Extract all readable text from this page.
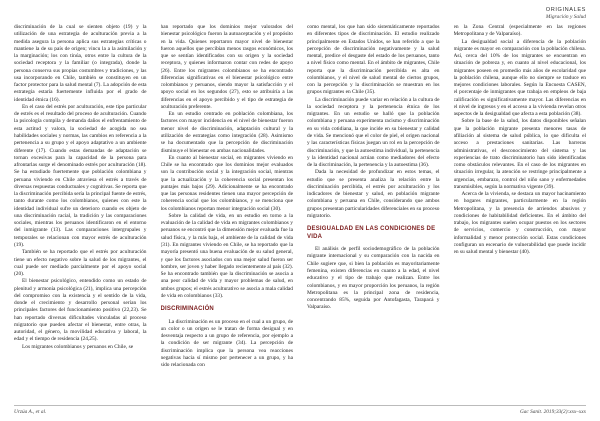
ORIGINALES
Migración y Salud

discriminación de la cual se sienten objeto (19) y la utilización de una estrategia de aculturación previa a la medida asegura la persona aplica sus estrategias críticas o mantiene la de su país de origen; vincu la a la asimilación y la marginación; los con tinúa, otros entre la cultura de la sociedad receptora y la familiar (o integrada), donde la persona conserva sus propias costumbres y tradiciones, y las usa incorporando en Chile, también se constituyen en un factor protector para la salud mental (7). La adopción de esta estrategia estaría fuertemente influida por el grado de identidad étnica (16).

En el caso del estrés por aculturación, este tipo particular de estrés es el resultado del proceso de aculturación. Cuando la psicología compila y demanda daños el enfrentamiento de esta actitud y valora, la sociedad de acogida no sea habilidades sociales y normas, las cambios en referencia a la pertenencia a su grupo y el apoyo adaptativo a un ambiente diferente (17). Cuando estas demandas de adaptación se tornan excesivas para la capacidad de la persona para afrontarlas surge el denominado estrés por aculturación (18). Se ha estudiado fuertemente que población colombiana y peruana viviendo en Chile atraviesa el estrés a través de diversas respuestas conductuales y cognitivas. Se reporta que la discriminación percibida sería la principal fuente de estrés, tanto durante como los colombianos, quienes con este la identidad individual sufre un deterioro cuando es objeto de una discriminación racial, la tradición y las comparaciones sociales, mientras los peruanos identificaron en el entorno del inmigrante (13). Las comparaciones intergrupales y temporales se relacionan con mayor estrés de aculturación (19).

También se ha reportado que el estrés por aculturación tiene un efecto negativo sobre la salud de los migrantes, el cual puede ser mediado parcialmente por el apoyo social (20).

El bienestar psicológico, entendido como un estado de plenitud y armonía psicológica (21), implica una percepción del compromiso con la existencia y el sentido de la vida, donde el crecimiento y desarrollo personal serían los principales factores del funcionamiento positivo (22,23). Se han reportado diversas dificultades vinculadas al proceso migratorio que pueden afectar el bienestar, entre otras, la autoridad, el género, la movilidad educativa y laboral, la edad y el tiempo de residencia (24,25).

Los migrantes colombianos y peruanos en Chile, se

han reportado que los dominios mejor valorados del bienestar psicológico fueron la autoaceptación y el propósito en la vida. Quienes reportaron mayor nivel de bienestar fueron aquellos que percibían menos rasgos económicos, los que se sentían identificados con su origen y la sociedad receptora, y quienes informaron contar con redes de apoyo (26). Entre los migrantes colombianos se ha encontrado diferencias significativas en el bienestar psicológico entre colombianos y peruanos, siendo mayor la satisfacción y el apoyo social en los segundos (27), esto se atribuiría a las diferencias en el apoyo percibido y el tipo de estrategia de aculturación preferente.

En un estudio centrado en población colombiana, los factores con mayor incidencia en el nivel de bienestar fueron menor nivel de discriminación, adaptación cultural y la utilización de estrategias como integración (28). Asimismo se ha documentado que la percepción de discriminación disminuye el bienestar en ambas nacionalidades.

En cuanto al bienestar social, en migrantes viviendo en Chile se ha encontrado que los dominios mejor evaluados son la contribución social y la integración social, mientras que la actualización y la coherencia social presentan los puntajes más bajos (29). Adicionalmente se ha encontrado que las personas residentes tienen una mayor percepción de coherencia social que los colombianos, y se menciona que los colombianos reportan menor integración social (30).

Sobre la calidad de vida, en un estudio en torno a la evaluación de la calidad de vida en migrantes colombianos y peruanos se encontró que la dimensión mejor evaluada fue la salud física, y la más baja, el ambiente de la calidad de vida (31). En migrantes viviendo en Chile, se ha reportado que la mayoría presentó una buena evaluación de su salud general, y que los factores asociados con una mejor salud fueron ser hombre, ser joven y haber llegado recientemente al país (32). Se ha encontrado también que la discriminación se asocia a una peor calidad de vida y mayor problemas de salud, en ambos grupos; el estrés aculturativo se asocia a mala calidad de vida en colombianos (33).

DISCRIMINACIÓN

La discriminación es un proceso en el cual a un grupo, de un color o un origen se le tratan de forma desigual y en desventaja respecto a un grupo de referencia, por ejemplo a la condición de ser migrante (34). La percepción de discriminación implica que la persona vea reacciones negativas hacia sí mismo por pertenecer a un grupo, y ha sido relacionada con

como mental, los que han sido sistemáticamente reportados en diferentes tipos de discriminación. El estudio realizado principalmente en Estados Unidos, se han referido a que la percepción de discriminación negativamente y la salud mental, predice el desgaste del estado de los peruanos, tanto a nivel físico como mental. En el ámbito de migrantes, Chile reporta que la discriminación percibida es alta en colombianos, y el nivel de salud mental de ciertos grupos, con la percepción y la discriminación se muestran en los grupos migrantes en Chile (35).

La discriminación puede variar en relación a la cultura de la sociedad receptora y la pertenencia étnica de los migrantes. En un estudio se halló que la población colombiana y peruana experimenta racismo y discriminación en su vida cotidiana, la que incide en su bienestar y calidad de vida. Se mencionó que el color de piel, el origen nacional y las características físicas juegan un rol en la percepción de discriminación, y que la autoestima individual, la pertenencia y la identidad nacional actúan como mediadores del efecto de la discriminación, la pertenencia y la autoestima (36).

Dada la necesidad de profundizar en estos temas, el estudio que se presenta analiza la relación entre la discriminación percibida, el estrés por aculturación y los indicadores de bienestar y salud, en población migrante colombiana y peruana en Chile, considerando que ambos grupos presentan particularidades diferenciales en su proceso migratorio.

DESIGUALDAD EN LAS CONDICIONES DE VIDA

El análisis de perfil sociodemográfico de la población migrante internacional y su comparación con la nacida en Chile sugiere que, si bien la población es mayoritariamente femenina, existen diferencias en cuanto a la edad, el nivel educativo y el tipo de trabajo que realizan. Entre los colombianos, y en mayor proporción los peruanos, la región Metropolitana es la principal zona de residencia, concentrando 85%, seguida por Antofagasta, Tarapacá y Valparaíso.

en la Zona Central (especialmente en las regiones Metropolitana y de Valparaíso).

La desigualdad social a diferencia de la población migrante es mayor en comparación con la población chilena. Así, cerca del 10% de los migrantes se encuentran en situación de pobreza y, en cuanto al nivel educacional, los migrantes poseen en promedio más años de escolaridad que la población chilena, aunque ello no siempre se traduce en mejores condiciones laborales. Según la Encuesta CASEN, el porcentaje de inmigrantes que trabaja en empleos de baja calificación es significativamente mayor. Las diferencias en el nivel de ingresos y en el acceso a la vivienda revelan otros aspectos de la desigualdad que afecta a esta población (38).

Sobre la base de la salud, los datos disponibles señalan que la población migrante presenta menores tasas de afiliación al sistema de salud pública, lo que dificulta el acceso a prestaciones sanitarias. Las barreras administrativas, el desconocimiento del sistema y las experiencias de trato discriminatorio han sido identificadas como obstáculos relevantes. En el caso de los migrantes en situación irregular, la atención se restringe principalmente a urgencias, embarazo, control del niño sano y enfermedades transmisibles, según la normativa vigente (39).

Acerca de la vivienda, se destaca un mayor hacinamiento en hogares migrantes, particularmente en la región Metropolitana, y la presencia de arriendos abusivos y condiciones de habitabilidad deficientes. En el ámbito del trabajo, los migrantes suelen ocupar puestos en los sectores de servicios, comercio y construcción, con mayor informalidad y menor protección social. Estas condiciones configuran un escenario de vulnerabilidad que puede incidir en su salud mental y bienestar (40).

Urzúa A., et al.	Gac Sanit. 2019;33(2):xxx–xxx
